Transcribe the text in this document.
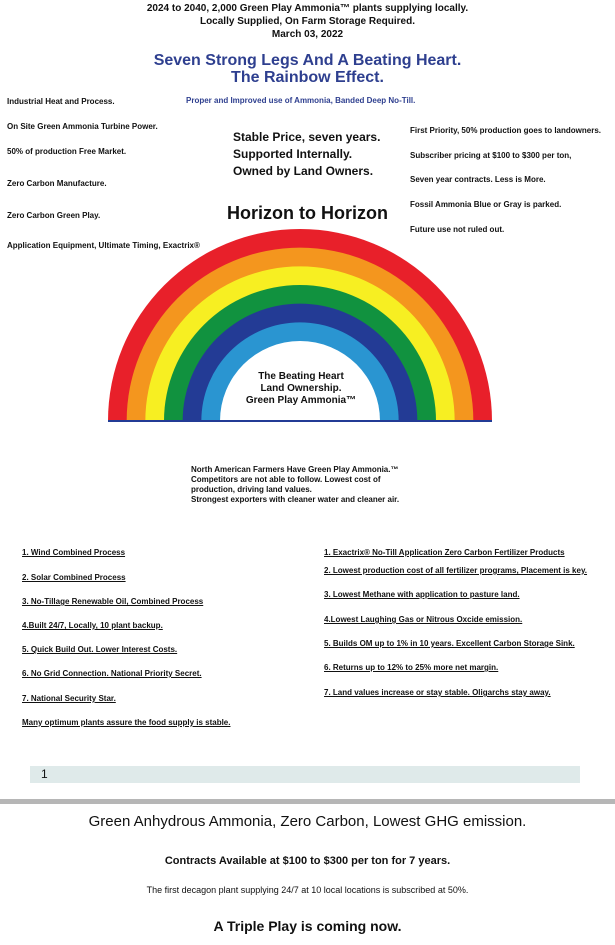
2024 to 2040, 2,000 Green Play Ammonia™ plants supplying locally.
Locally Supplied, On Farm Storage Required.
March 03, 2022
Seven Strong Legs And A Beating Heart.
The Rainbow Effect.
Proper and Improved use of Ammonia, Banded Deep No-Till.
Industrial Heat and Process.
On Site Green Ammonia Turbine Power.
50% of production Free Market.
Zero Carbon Manufacture.
Zero Carbon Green Play.
Application Equipment, Ultimate Timing, Exactrix®
Stable Price, seven years.
Supported Internally.
Owned by Land Owners.
First Priority, 50% production goes to landowners.
Subscriber pricing at $100 to $300 per ton,
Seven year contracts. Less is More.
Fossil Ammonia Blue or Gray is parked.
Future use not ruled out.
Horizon to Horizon
The Beating Heart
Land Ownership.
Green Play Ammonia™
North American Farmers Have Green Play Ammonia.™
Competitors are not able to follow. Lowest cost of
production, driving land values.
Strongest exporters with cleaner water and cleaner air.
1. Wind Combined Process
2. Solar Combined Process
3. No-Tillage Renewable Oil, Combined Process
4.Built 24/7, Locally, 10 plant backup.
5. Quick Build Out. Lower Interest Costs.
6. No Grid Connection. National Priority Secret.
7. National Security Star.
Many optimum plants assure the food supply is stable.
1. Exactrix® No-Till Application Zero Carbon Fertilizer Products
2. Lowest production cost of all fertilizer programs, Placement is key.
3. Lowest Methane with application to pasture land.
4.Lowest Laughing Gas or Nitrous Oxcide emission.
5. Builds OM up to 1% in 10 years. Excellent Carbon Storage Sink.
6. Returns up to 12% to 25% more net margin.
7. Land values increase or stay stable. Oligarchs stay away.
1
Green Anhydrous Ammonia, Zero Carbon, Lowest GHG emission.
Contracts Available at $100 to $300 per ton for 7 years.
The first decagon plant supplying 24/7 at 10 local locations is subscribed at 50%.
A Triple Play is coming now.
